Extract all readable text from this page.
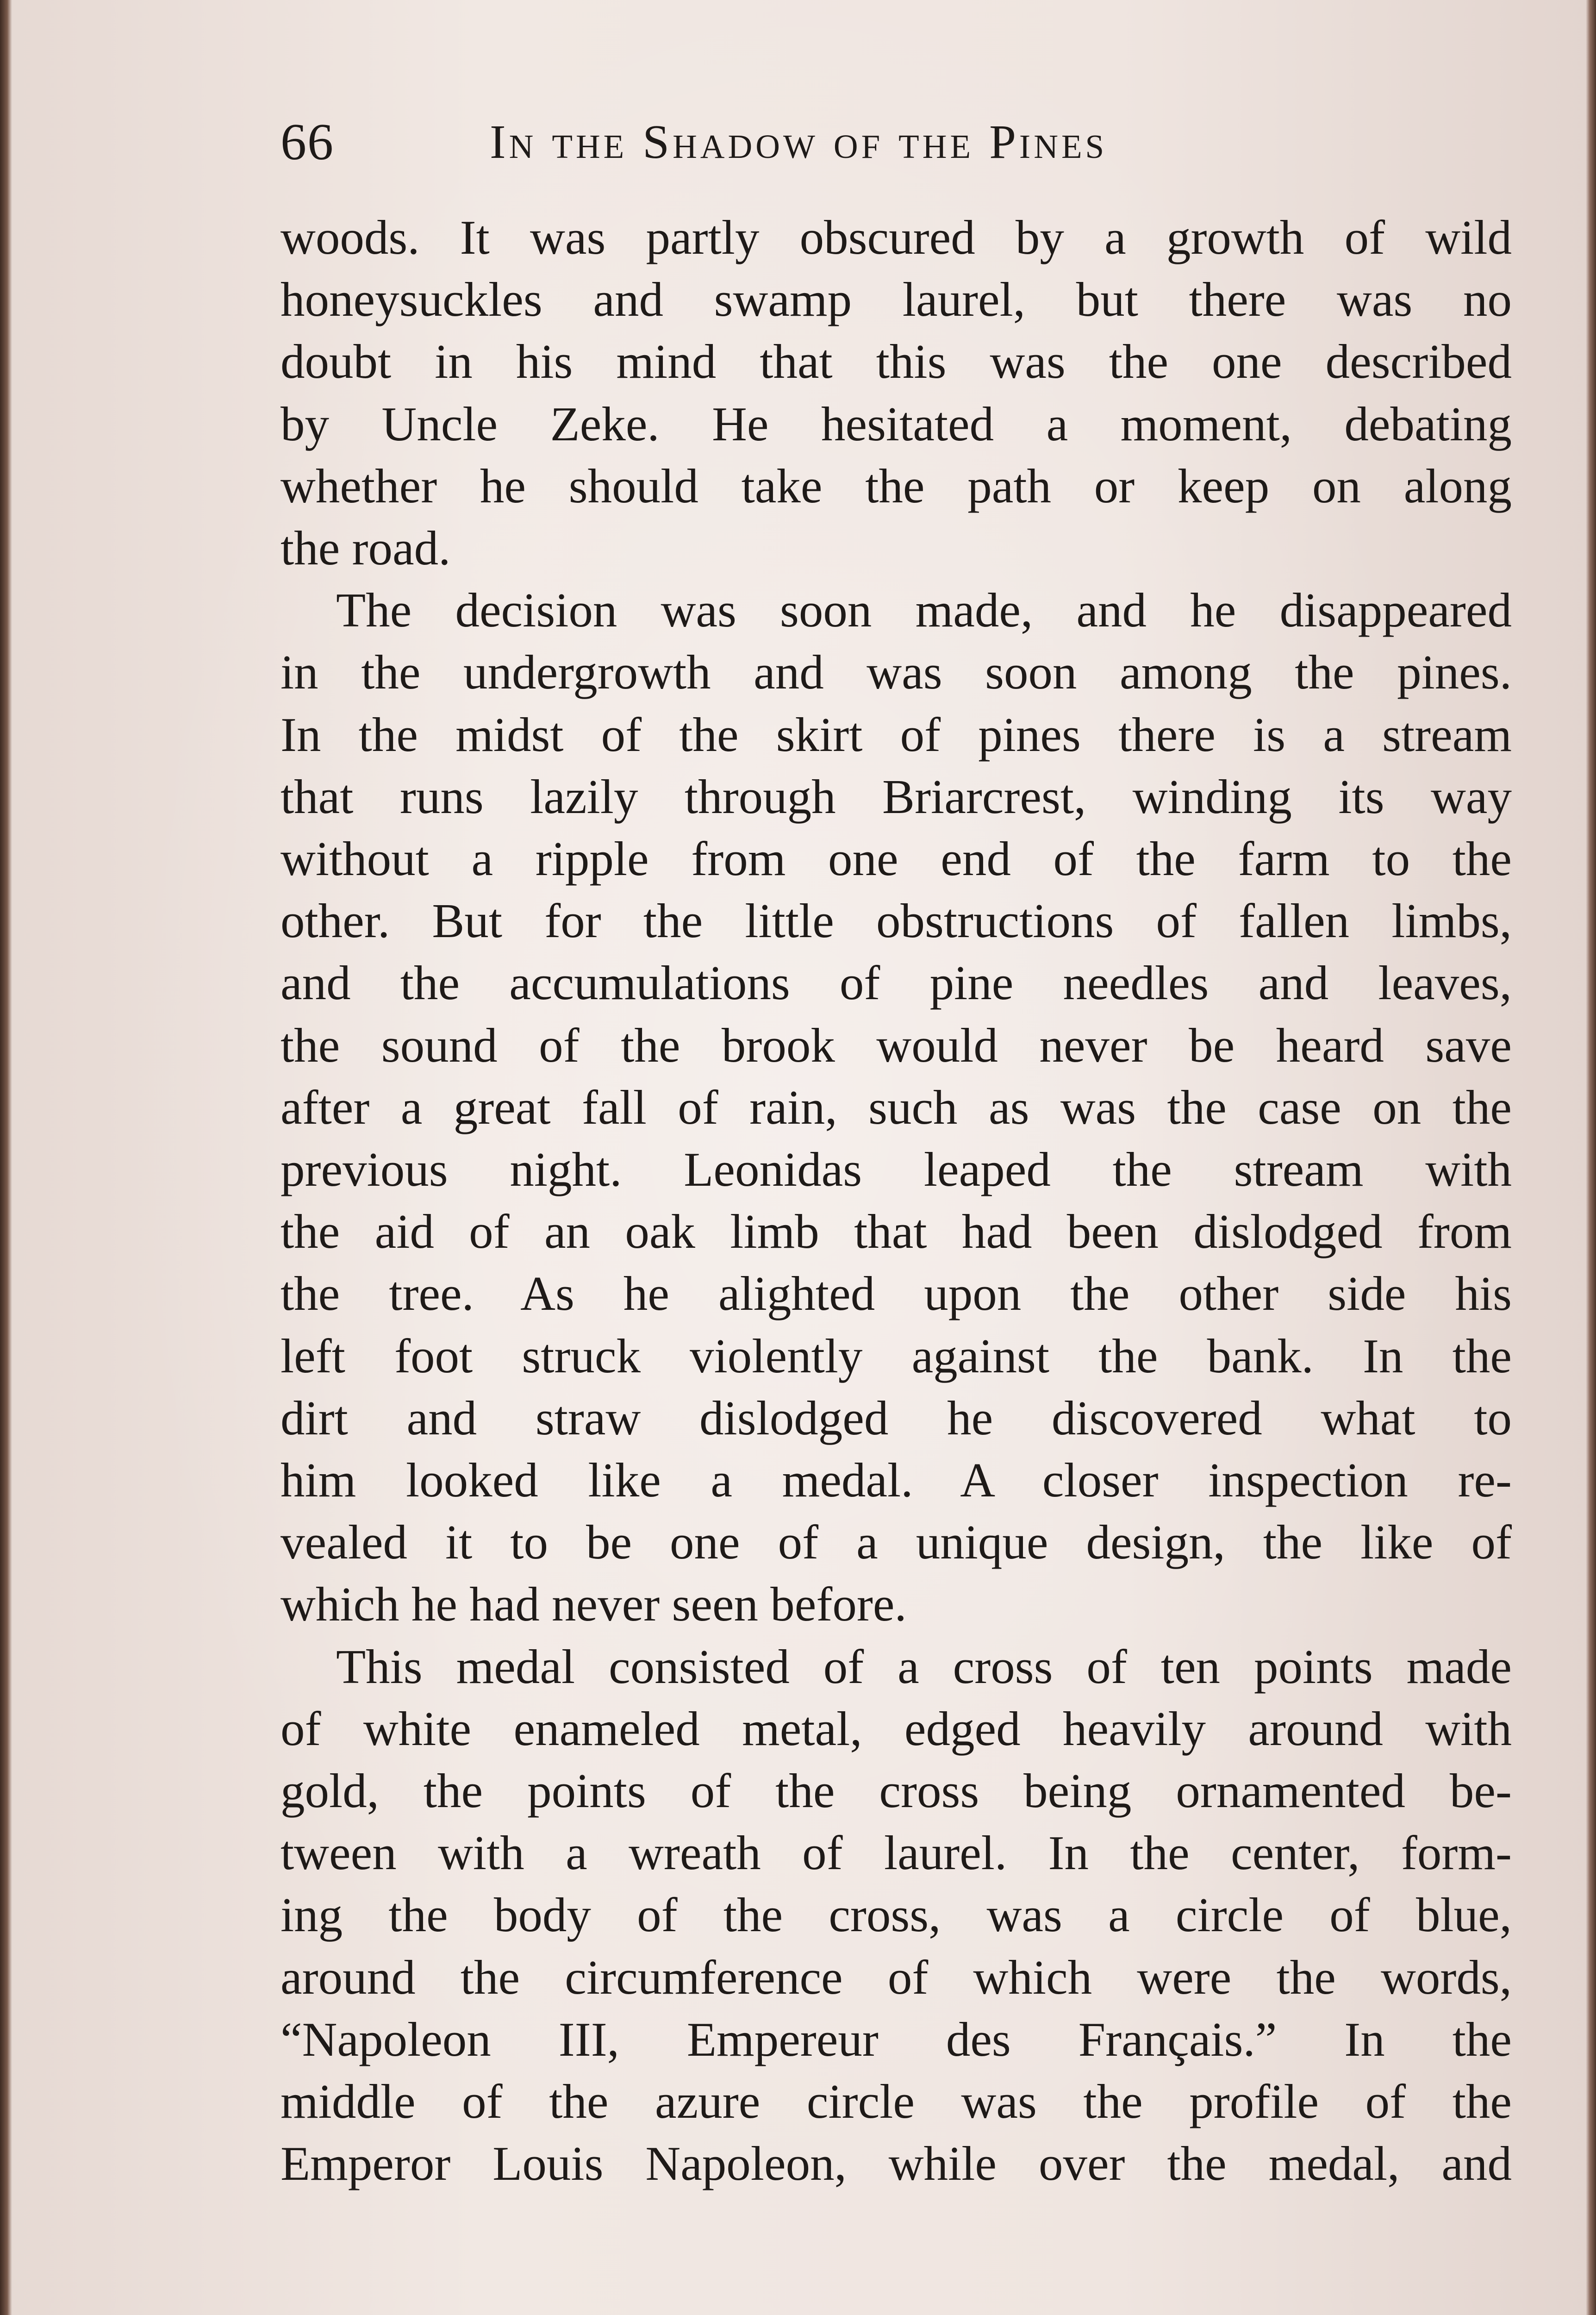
66	In the Shadow of the Pines

woods. It was partly obscured by a growth of wild

honeysuckles and swamp laurel, but there was no

doubt in his mind that this was the one described

by Uncle Zeke. He hesitated a moment, debating

whether he should take the path or keep on along

the road.

The decision was soon made, and he disappeared

in the undergrowth and was soon among the pines.

In the midst of the skirt of pines there is a stream

that runs lazily through Briarcrest, winding its way

without a ripple from one end of the farm to the

other. But for the little obstructions of fallen limbs,

and the accumulations of pine needles and leaves,

the sound of the brook would never be heard save

after a great fall of rain, such as was the case on the

previous night. Leonidas leaped the stream with

the aid of an oak limb that had been dislodged from

the tree. As he alighted upon the other side his

left foot struck violently against the bank. In the

dirt and straw dislodged he discovered what to

him looked like a medal. A closer inspection re-

vealed it to be one of a unique design, the like of

which he had never seen before.

This medal consisted of a cross of ten points made

of white enameled metal, edged heavily around with

gold, the points of the cross being ornamented be-

tween with a wreath of laurel. In the center, form-

ing the body of the cross, was a circle of blue,

around the circumference of which were the words,

“Napoleon III, Empereur des Français.” In the

middle of the azure circle was the profile of the

Emperor Louis Napoleon, while over the medal, and
